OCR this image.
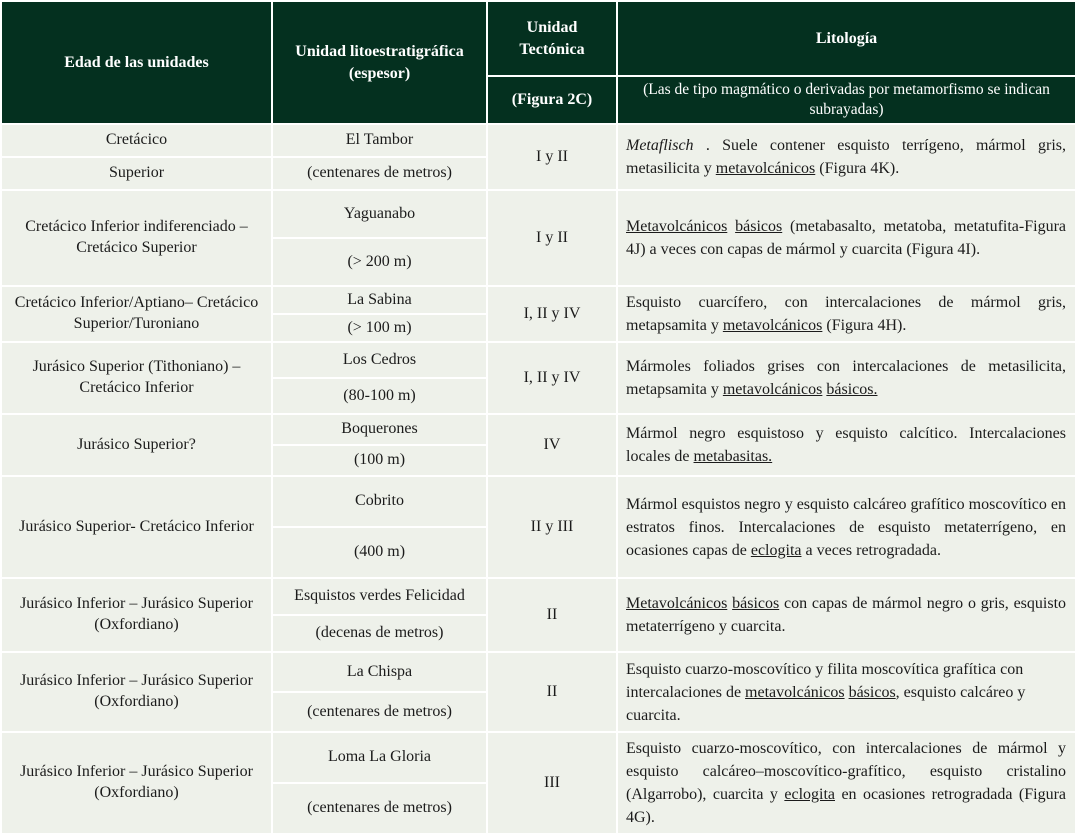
Edad de las unidades	Unidad litoestratigráfica (espesor)	Unidad Tectónica	Litología
		(Figura 2C)	(Las de tipo magmático o derivadas por metamorfismo se indican subrayadas)
Cretácico	El Tambor	I y II	Metaflisch . Suele contener esquisto terrígeno, mármol gris, metasilicita y metavolcánicos (Figura 4K).
Superior	(centenares de metros)		
Cretácico Inferior indiferenciado – Cretácico Superior	Yaguanabo	I y II	Metavolcánicos básicos (metabasalto, metatoba, metatufita-Figura 4J) a veces con capas de mármol y cuarcita (Figura 4I).
	(> 200 m)		
Cretácico Inferior/Aptiano– Cretácico Superior/Turoniano	La Sabina	I, II y IV	Esquisto cuarcífero, con intercalaciones de mármol gris, metapsamita y metavolcánicos (Figura 4H).
	(> 100 m)		
Jurásico Superior (Tithoniano) – Cretácico Inferior	Los Cedros	I, II y IV	Mármoles foliados grises con intercalaciones de metasilicita, metapsamita y metavolcánicos básicos.
	(80-100 m)		
Jurásico Superior?	Boquerones	IV	Mármol negro esquistoso y esquisto calcítico. Intercalaciones locales de metabasitas.
	(100 m)		
Jurásico Superior- Cretácico Inferior	Cobrito	II y III	Mármol esquistos negro y esquisto calcáreo grafítico moscovítico en estratos finos. Intercalaciones de esquisto metaterrígeno, en ocasiones capas de eclogita a veces retrogradada.
	(400 m)		
Jurásico Inferior – Jurásico Superior (Oxfordiano)	Esquistos verdes Felicidad	II	Metavolcánicos básicos con capas de mármol negro o gris, esquisto metaterrígeno y cuarcita.
	(decenas de metros)		
Jurásico Inferior – Jurásico Superior (Oxfordiano)	La Chispa	II	Esquisto cuarzo-moscovítico y filita moscovítica grafítica con intercalaciones de metavolcánicos básicos, esquisto calcáreo y cuarcita.
	(centenares de metros)		
Jurásico Inferior – Jurásico Superior (Oxfordiano)	Loma La Gloria	III	Esquisto cuarzo-moscovítico, con intercalaciones de mármol y esquisto calcáreo–moscovítico-grafítico, esquisto cristalino (Algarrobo), cuarcita y eclogita en ocasiones retrogradada (Figura 4G).
	(centenares de metros)		
